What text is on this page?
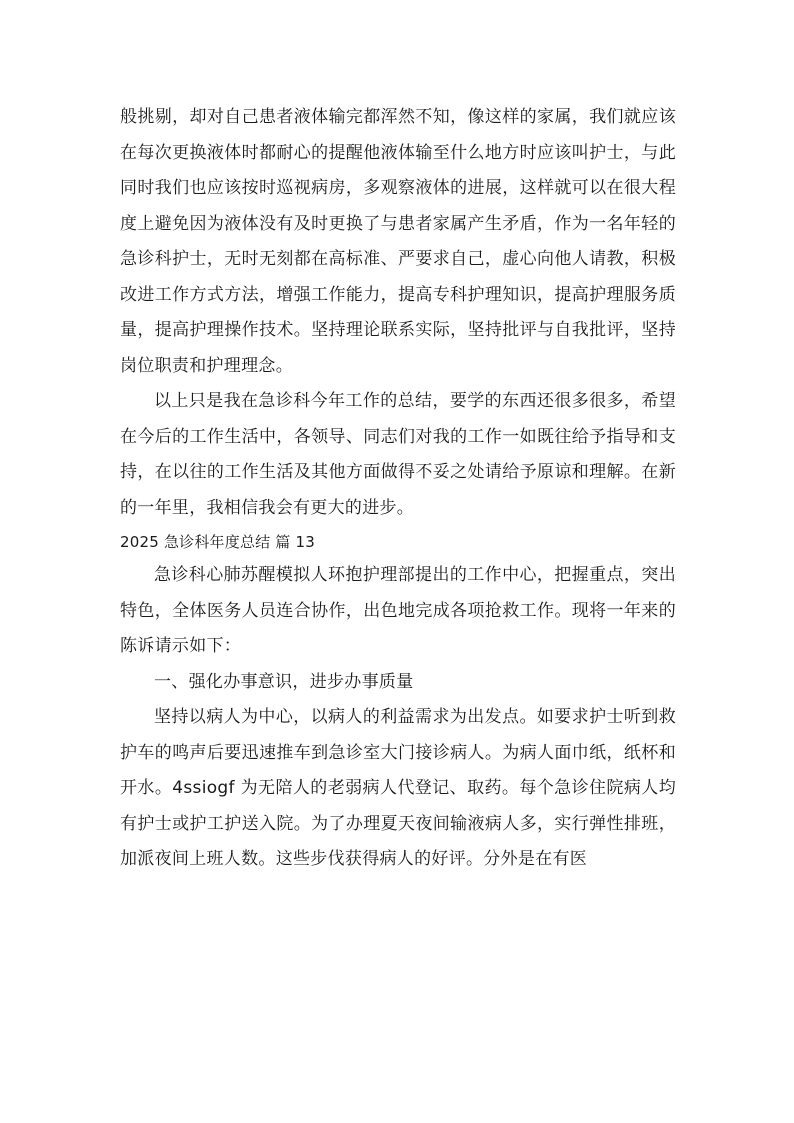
般挑剔，却对自己患者液体输完都浑然不知，像这样的家属，我们就应该在每次更换液体时都耐心的提醒他液体输至什么地方时应该叫护士，与此同时我们也应该按时巡视病房，多观察液体的进展，这样就可以在很大程度上避免因为液体没有及时更换了与患者家属产生矛盾，作为一名年轻的急诊科护士，无时无刻都在高标准、严要求自己，虚心向他人请教，积极改进工作方式方法，增强工作能力，提高专科护理知识，提高护理服务质量，提高护理操作技术。坚持理论联系实际，坚持批评与自我批评，坚持岗位职责和护理理念。

以上只是我在急诊科今年工作的总结，要学的东西还很多很多，希望在今后的工作生活中，各领导、同志们对我的工作一如既往给予指导和支持，在以往的工作生活及其他方面做得不妥之处请给予原谅和理解。在新的一年里，我相信我会有更大的进步。

2025 急诊科年度总结 篇 13

急诊科心肺苏醒模拟人环抱护理部提出的工作中心，把握重点，突出特色，全体医务人员连合协作，出色地完成各项抢救工作。现将一年来的陈诉请示如下：

一、强化办事意识，进步办事质量

坚持以病人为中心，以病人的利益需求为出发点。如要求护士听到救护车的鸣声后要迅速推车到急诊室大门接诊病人。为病人面巾纸，纸杯和开水。4ssiogf 为无陪人的老弱病人代登记、取药。每个急诊住院病人均有护士或护工护送入院。为了办理夏天夜间输液病人多，实行弹性排班，加派夜间上班人数。这些步伐获得病人的好评。分外是在有医
